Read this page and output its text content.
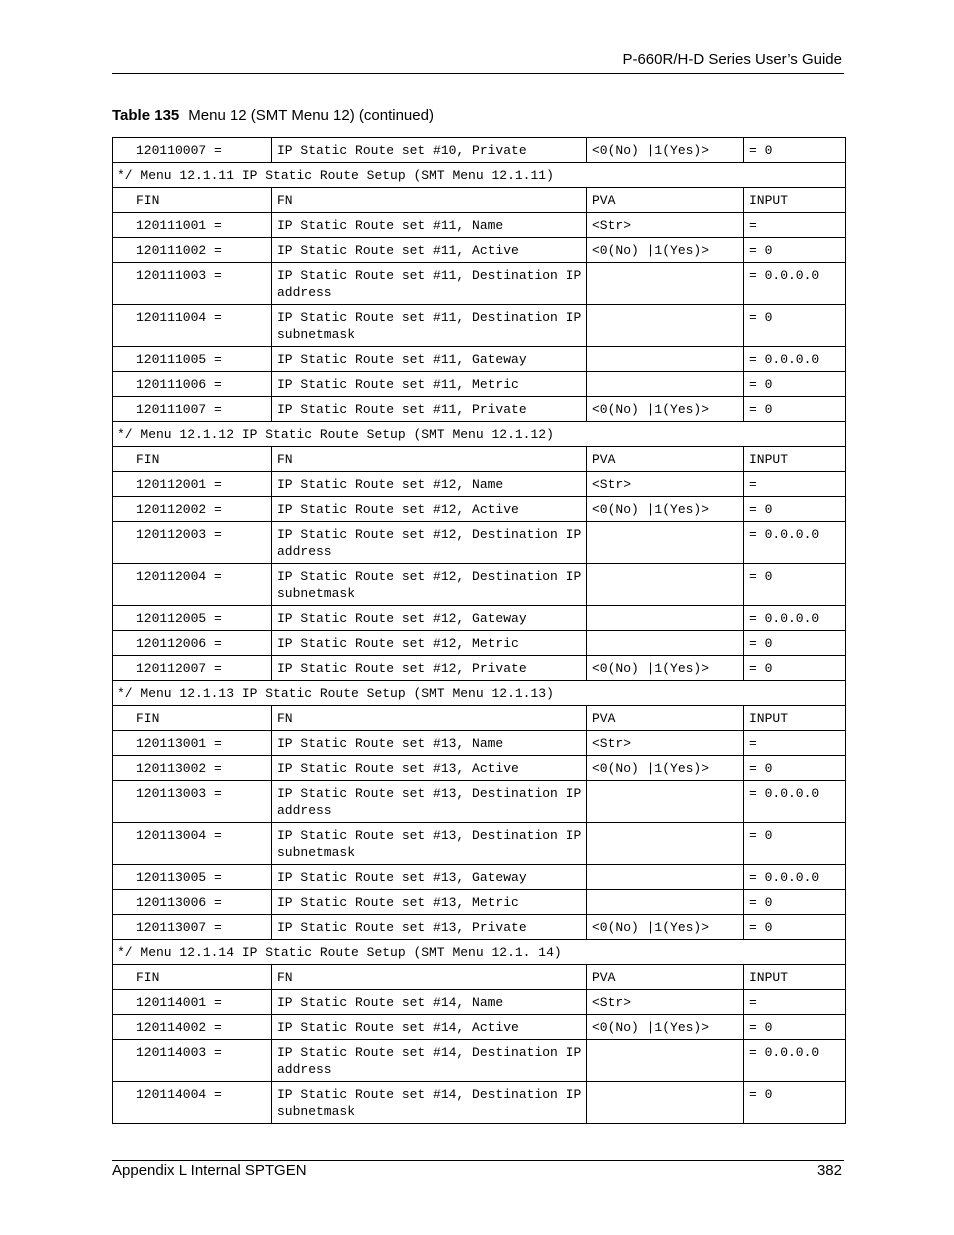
P-660R/H-D Series User’s Guide
Table 135 Menu 12 (SMT Menu 12) (continued)
120110007 =	IP Static Route set #10, Private	<0(No) |1(Yes)>	= 0
*/ Menu 12.1.11 IP Static Route Setup (SMT Menu 12.1.11)			
FIN	FN	PVA	INPUT
120111001 =	IP Static Route set #11, Name	<Str>	=
120111002 =	IP Static Route set #11, Active	<0(No) |1(Yes)>	= 0
120111003 =	IP Static Route set #11, Destination IP address		= 0.0.0.0
120111004 =	IP Static Route set #11, Destination IP subnetmask		= 0
120111005 =	IP Static Route set #11, Gateway		= 0.0.0.0
120111006 =	IP Static Route set #11, Metric		= 0
120111007 =	IP Static Route set #11, Private	<0(No) |1(Yes)>	= 0
*/ Menu 12.1.12 IP Static Route Setup (SMT Menu 12.1.12)			
FIN	FN	PVA	INPUT
120112001 =	IP Static Route set #12, Name	<Str>	=
120112002 =	IP Static Route set #12, Active	<0(No) |1(Yes)>	= 0
120112003 =	IP Static Route set #12, Destination IP address		= 0.0.0.0
120112004 =	IP Static Route set #12, Destination IP subnetmask		= 0
120112005 =	IP Static Route set #12, Gateway		= 0.0.0.0
120112006 =	IP Static Route set #12, Metric		= 0
120112007 =	IP Static Route set #12, Private	<0(No) |1(Yes)>	= 0
*/ Menu 12.1.13 IP Static Route Setup (SMT Menu 12.1.13)			
FIN	FN	PVA	INPUT
120113001 =	IP Static Route set #13, Name	<Str>	=
120113002 =	IP Static Route set #13, Active	<0(No) |1(Yes)>	= 0
120113003 =	IP Static Route set #13, Destination IP address		= 0.0.0.0
120113004 =	IP Static Route set #13, Destination IP subnetmask		= 0
120113005 =	IP Static Route set #13, Gateway		= 0.0.0.0
120113006 =	IP Static Route set #13, Metric		= 0
120113007 =	IP Static Route set #13, Private	<0(No) |1(Yes)>	= 0
*/ Menu 12.1.14 IP Static Route Setup (SMT Menu 12.1. 14)			
FIN	FN	PVA	INPUT
120114001 =	IP Static Route set #14, Name	<Str>	=
120114002 =	IP Static Route set #14, Active	<0(No) |1(Yes)>	= 0
120114003 =	IP Static Route set #14, Destination IP address		= 0.0.0.0
120114004 =	IP Static Route set #14, Destination IP subnetmask		= 0
Appendix L Internal SPTGEN	382
